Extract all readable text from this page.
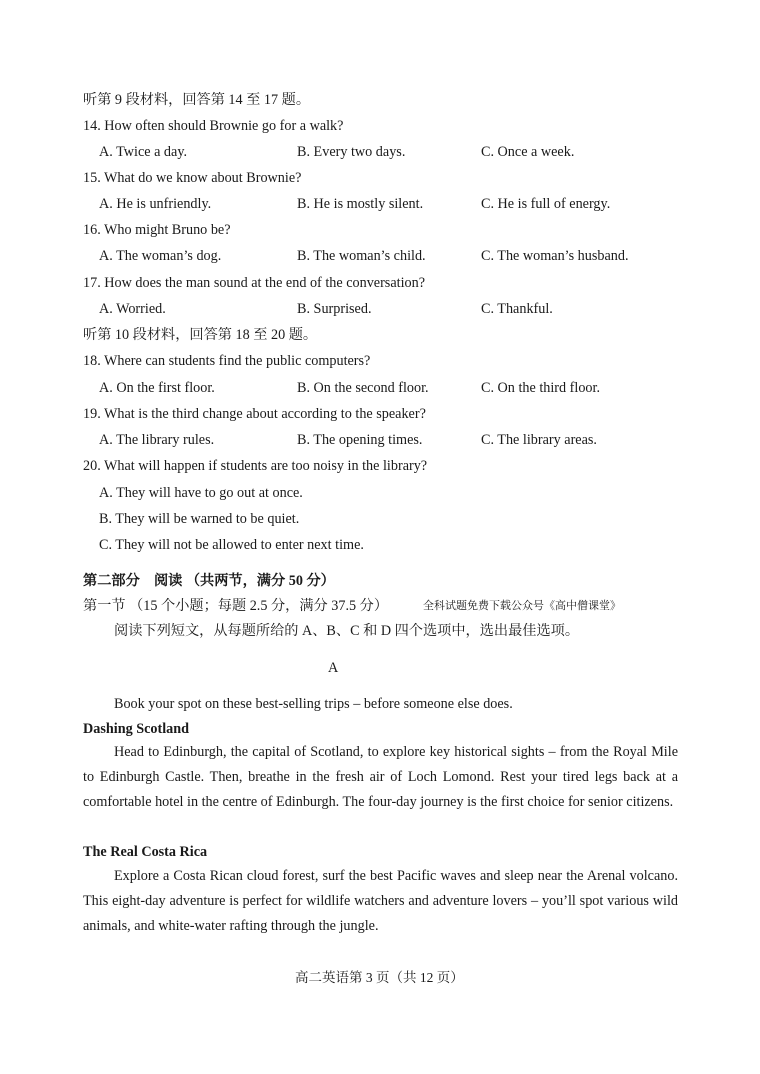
听第 9 段材料，回答第 14 至 17 题。
14. How often should Brownie go for a walk?
A. Twice a day.	B. Every two days.	C. Once a week.
15. What do we know about Brownie?
A. He is unfriendly.	B. He is mostly silent.	C. He is full of energy.
16. Who might Bruno be?
A. The woman’s dog.	B. The woman’s child.	C. The woman’s husband.
17. How does the man sound at the end of the conversation?
A. Worried.	B. Surprised.	C. Thankful.
听第 10 段材料，回答第 18 至 20 题。
18. Where can students find the public computers?
A. On the first floor.	B. On the second floor.	C. On the third floor.
19. What is the third change about according to the speaker?
A. The library rules.	B. The opening times.	C. The library areas.
20. What will happen if students are too noisy in the library?
A. They will have to go out at once.
B. They will be warned to be quiet.
C. They will not be allowed to enter next time.
第二部分　阅读 （共两节，满分 50 分）
第一节 （15 个小题；每题 2.5 分，满分 37.5 分）	全科试题免费下载公众号《高中僧课堂》
阅读下列短文，从每题所给的 A、B、C 和 D 四个选项中，选出最佳选项。
A
Book your spot on these best-selling trips – before someone else does.
Dashing Scotland
Head to Edinburgh, the capital of Scotland, to explore key historical sights – from the Royal Mile to Edinburgh Castle. Then, breathe in the fresh air of Loch Lomond. Rest your tired legs back at a comfortable hotel in the centre of Edinburgh. The four-day journey is the first choice for senior citizens.
The Real Costa Rica
Explore a Costa Rican cloud forest, surf the best Pacific waves and sleep near the Arenal volcano. This eight-day adventure is perfect for wildlife watchers and adventure lovers – you’ll spot various wild animals, and white-water rafting through the jungle.
高二英语第 3 页（共 12 页）
